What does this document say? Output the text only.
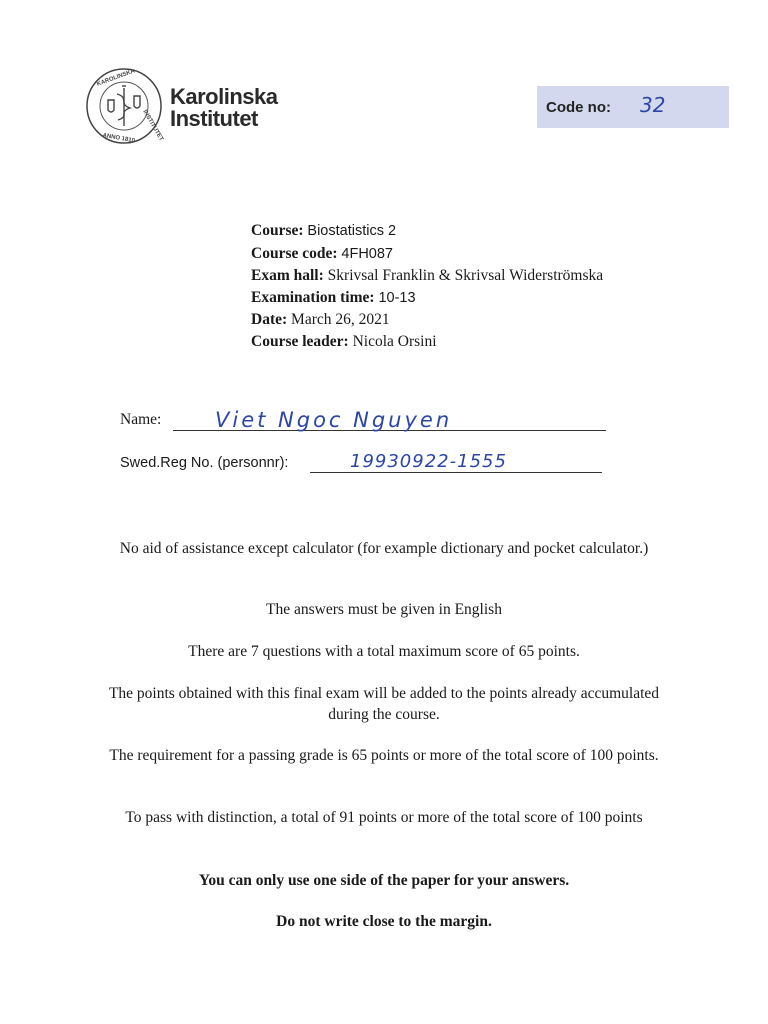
KAROLINSKA
INSTITUTET
ANNO 1810
Karolinska
Institutet	Code no: 32
Course: Biostatistics 2
Course code: 4FH087
Exam hall: Skrivsal Franklin & Skrivsal Widerströmska
Examination time: 10-13
Date: March 26, 2021
Course leader: Nicola Orsini
Name:	Viet Ngoc Nguyen
Swed.Reg No. (personnr):	19930922-1555
No aid of assistance except calculator (for example dictionary and pocket calculator.)
The answers must be given in English
There are 7 questions with a total maximum score of 65 points.
The points obtained with this final exam will be added to the points already accumulated during the course.
The requirement for a passing grade is 65 points or more of the total score of 100 points.
To pass with distinction, a total of 91 points or more of the total score of 100 points
You can only use one side of the paper for your answers.
Do not write close to the margin.
